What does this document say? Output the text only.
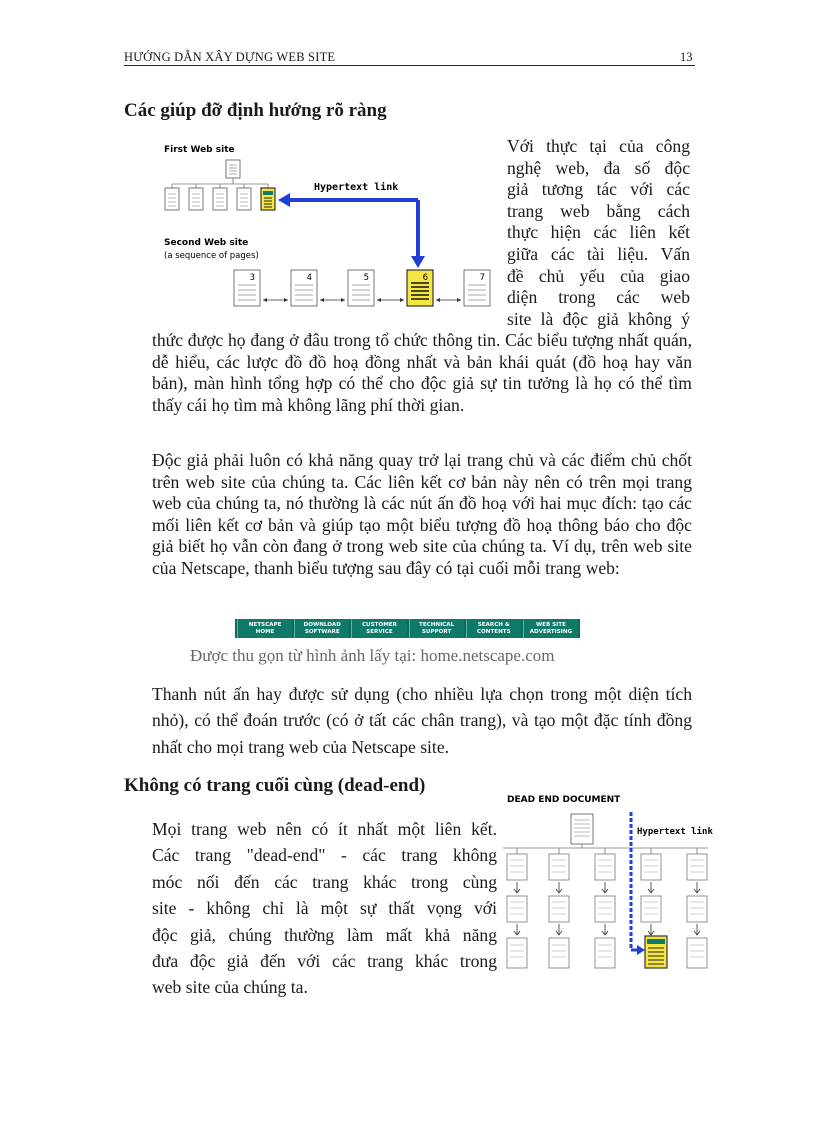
HƯỚNG DẪN XÂY DỰNG WEB SITE	13
Các giúp đỡ định hướng rõ ràng
First Web site
Hypertext link
Second Web site
(a sequence of pages)
3	4	5	6	7
Với thực tại của công
nghệ web, đa số độc
giả tương tác với các
trang web bằng cách
thực hiện các liên kết
giữa các tài liệu. Vấn
đề chủ yếu của giao
diện trong các web
site là độc giả không ý
thức được họ đang ở đâu trong tổ chức thông tin. Các biểu tượng nhất quán, dễ hiểu, các lược đồ đồ hoạ đồng nhất và bản khái quát (đồ hoạ hay văn bản), màn hình tổng hợp có thể cho độc giả sự tin tưởng là họ có thể tìm thấy cái họ tìm mà không lãng phí thời gian.
Độc giả phải luôn có khả năng quay trở lại trang chủ và các điểm chủ chốt trên web site của chúng ta. Các liên kết cơ bản này nên có trên mọi trang web của chúng ta, nó thường là các nút ấn đồ hoạ với hai mục đích: tạo các mối liên kết cơ bản và giúp tạo một biểu tượng đồ hoạ thông báo cho độc giả biết họ vẫn còn đang ở trong web site của chúng ta. Ví dụ, trên web site của Netscape, thanh biểu tượng sau đây có tại cuối mỗi trang web:
NETSCAPE
HOME
DOWNLOAD
SOFTWARE
CUSTOMER
SERVICE
TECHNICAL
SUPPORT
SEARCH &
CONTENTS
WEB SITE
ADVERTISING
Được thu gọn từ hình ảnh lấy tại: home.netscape.com
Thanh nút ấn hay được sử dụng (cho nhiều lựa chọn trong một diện tích nhỏ), có thể đoán trước (có ở tất các chân trang), và tạo một đặc tính đồng nhất cho mọi trang web của Netscape site.
Không có trang cuối cùng (dead-end)
Mọi trang web nên có ít nhất một liên kết.
Các trang "dead-end" - các trang không
móc nối đến các trang khác trong cùng
site - không chỉ là một sự thất vọng với
độc giả, chúng thường làm mất khả năng
đưa độc giả đến với các trang khác trong
web site của chúng ta.
DEAD END DOCUMENT
Hypertext link
